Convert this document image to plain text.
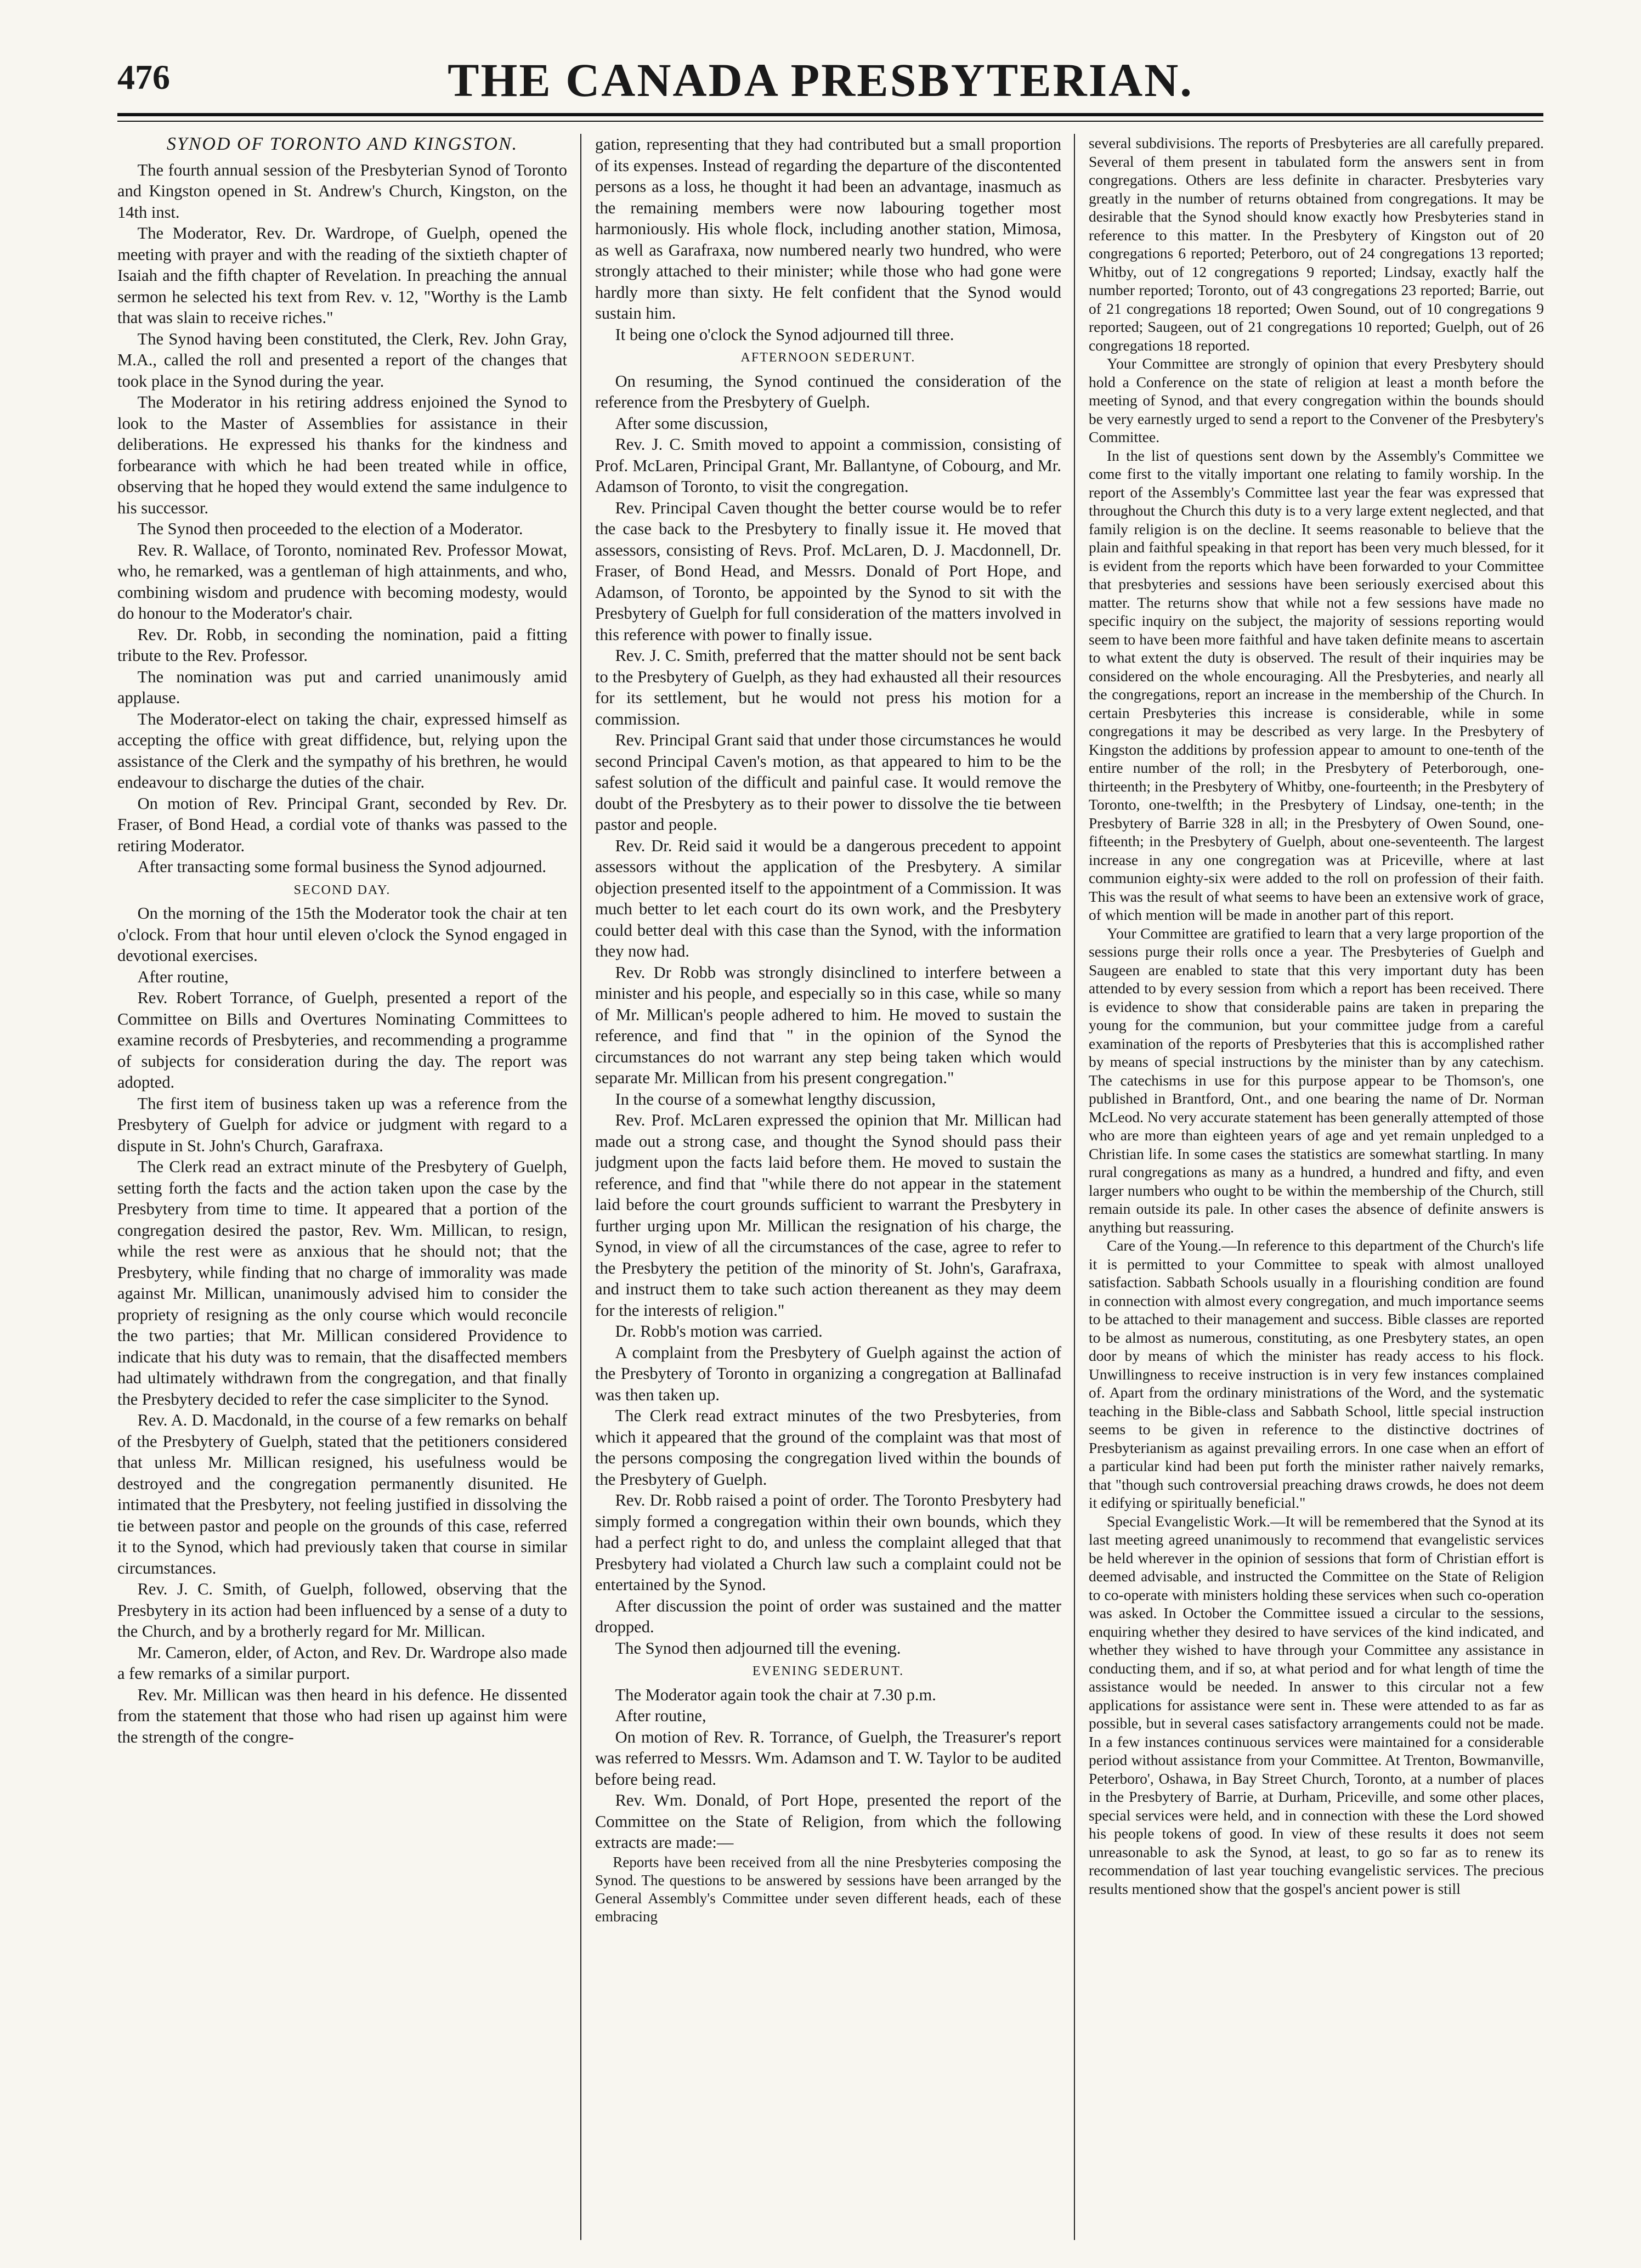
476	THE CANADA PRESBYTERIAN.

SYNOD OF TORONTO AND KINGSTON.

The fourth annual session of the Presbyterian Synod of Toronto and Kingston opened in St. Andrew's Church, Kingston, on the 14th inst.

The Moderator, Rev. Dr. Wardrope, of Guelph, opened the meeting with prayer and with the reading of the sixtieth chapter of Isaiah and the fifth chapter of Revelation. In preaching the annual sermon he selected his text from Rev. v. 12, "Worthy is the Lamb that was slain to receive riches."

The Synod having been constituted, the Clerk, Rev. John Gray, M.A., called the roll and presented a report of the changes that took place in the Synod during the year.

The Moderator in his retiring address enjoined the Synod to look to the Master of Assemblies for assistance in their deliberations. He expressed his thanks for the kindness and forbearance with which he had been treated while in office, observing that he hoped they would extend the same indulgence to his successor.

The Synod then proceeded to the election of a Moderator.

Rev. R. Wallace, of Toronto, nominated Rev. Professor Mowat, who, he remarked, was a gentleman of high attainments, and who, combining wisdom and prudence with becoming modesty, would do honour to the Moderator's chair.

Rev. Dr. Robb, in seconding the nomination, paid a fitting tribute to the Rev. Professor.

The nomination was put and carried unanimously amid applause.

The Moderator-elect on taking the chair, expressed himself as accepting the office with great diffidence, but, relying upon the assistance of the Clerk and the sympathy of his brethren, he would endeavour to discharge the duties of the chair.

On motion of Rev. Principal Grant, seconded by Rev. Dr. Fraser, of Bond Head, a cordial vote of thanks was passed to the retiring Moderator.

After transacting some formal business the Synod adjourned.

SECOND DAY.

On the morning of the 15th the Moderator took the chair at ten o'clock. From that hour until eleven o'clock the Synod engaged in devotional exercises.

After routine,

Rev. Robert Torrance, of Guelph, presented a report of the Committee on Bills and Overtures Nominating Committees to examine records of Presbyteries, and recommending a programme of subjects for consideration during the day. The report was adopted.

The first item of business taken up was a reference from the Presbytery of Guelph for advice or judgment with regard to a dispute in St. John's Church, Garafraxa.

The Clerk read an extract minute of the Presbytery of Guelph, setting forth the facts and the action taken upon the case by the Presbytery from time to time. It appeared that a portion of the congregation desired the pastor, Rev. Wm. Millican, to resign, while the rest were as anxious that he should not; that the Presbytery, while finding that no charge of immorality was made against Mr. Millican, unanimously advised him to consider the propriety of resigning as the only course which would reconcile the two parties; that Mr. Millican considered Providence to indicate that his duty was to remain, that the disaffected members had ultimately withdrawn from the congregation, and that finally the Presbytery decided to refer the case simpliciter to the Synod.

Rev. A. D. Macdonald, in the course of a few remarks on behalf of the Presbytery of Guelph, stated that the petitioners considered that unless Mr. Millican resigned, his usefulness would be destroyed and the congregation permanently disunited. He intimated that the Presbytery, not feeling justified in dissolving the tie between pastor and people on the grounds of this case, referred it to the Synod, which had previously taken that course in similar circumstances.

Rev. J. C. Smith, of Guelph, followed, observing that the Presbytery in its action had been influenced by a sense of a duty to the Church, and by a brotherly regard for Mr. Millican.

Mr. Cameron, elder, of Acton, and Rev. Dr. Wardrope also made a few remarks of a similar purport.

Rev. Mr. Millican was then heard in his defence. He dissented from the statement that those who had risen up against him were the strength of the congre-

gation, representing that they had contributed but a small proportion of its expenses. Instead of regarding the departure of the discontented persons as a loss, he thought it had been an advantage, inasmuch as the remaining members were now labouring together most harmoniously. His whole flock, including another station, Mimosa, as well as Garafraxa, now numbered nearly two hundred, who were strongly attached to their minister; while those who had gone were hardly more than sixty. He felt confident that the Synod would sustain him.

It being one o'clock the Synod adjourned till three.

AFTERNOON SEDERUNT.

On resuming, the Synod continued the consideration of the reference from the Presbytery of Guelph.

After some discussion,

Rev. J. C. Smith moved to appoint a commission, consisting of Prof. McLaren, Principal Grant, Mr. Ballantyne, of Cobourg, and Mr. Adamson of Toronto, to visit the congregation.

Rev. Principal Caven thought the better course would be to refer the case back to the Presbytery to finally issue it. He moved that assessors, consisting of Revs. Prof. McLaren, D. J. Macdonnell, Dr. Fraser, of Bond Head, and Messrs. Donald of Port Hope, and Adamson, of Toronto, be appointed by the Synod to sit with the Presbytery of Guelph for full consideration of the matters involved in this reference with power to finally issue.

Rev. J. C. Smith, preferred that the matter should not be sent back to the Presbytery of Guelph, as they had exhausted all their resources for its settlement, but he would not press his motion for a commission.

Rev. Principal Grant said that under those circumstances he would second Principal Caven's motion, as that appeared to him to be the safest solution of the difficult and painful case. It would remove the doubt of the Presbytery as to their power to dissolve the tie between pastor and people.

Rev. Dr. Reid said it would be a dangerous precedent to appoint assessors without the application of the Presbytery. A similar objection presented itself to the appointment of a Commission. It was much better to let each court do its own work, and the Presbytery could better deal with this case than the Synod, with the information they now had.

Rev. Dr Robb was strongly disinclined to interfere between a minister and his people, and especially so in this case, while so many of Mr. Millican's people adhered to him. He moved to sustain the reference, and find that " in the opinion of the Synod the circumstances do not warrant any step being taken which would separate Mr. Millican from his present congregation."

In the course of a somewhat lengthy discussion,

Rev. Prof. McLaren expressed the opinion that Mr. Millican had made out a strong case, and thought the Synod should pass their judgment upon the facts laid before them. He moved to sustain the reference, and find that "while there do not appear in the statement laid before the court grounds sufficient to warrant the Presbytery in further urging upon Mr. Millican the resignation of his charge, the Synod, in view of all the circumstances of the case, agree to refer to the Presbytery the petition of the minority of St. John's, Garafraxa, and instruct them to take such action thereanent as they may deem for the interests of religion."

Dr. Robb's motion was carried.

A complaint from the Presbytery of Guelph against the action of the Presbytery of Toronto in organizing a congregation at Ballinafad was then taken up.

The Clerk read extract minutes of the two Presbyteries, from which it appeared that the ground of the complaint was that most of the persons composing the congregation lived within the bounds of the Presbytery of Guelph.

Rev. Dr. Robb raised a point of order. The Toronto Presbytery had simply formed a congregation within their own bounds, which they had a perfect right to do, and unless the complaint alleged that that Presbytery had violated a Church law such a complaint could not be entertained by the Synod.

After discussion the point of order was sustained and the matter dropped.

The Synod then adjourned till the evening.

EVENING SEDERUNT.

The Moderator again took the chair at 7.30 p.m.

After routine,

On motion of Rev. R. Torrance, of Guelph, the Treasurer's report was referred to Messrs. Wm. Adamson and T. W. Taylor to be audited before being read.

Rev. Wm. Donald, of Port Hope, presented the report of the Committee on the State of Religion, from which the following extracts are made:—

Reports have been received from all the nine Presbyteries composing the Synod. The questions to be answered by sessions have been arranged by the General Assembly's Committee under seven different heads, each of these embracing

several subdivisions. The reports of Presbyteries are all carefully prepared. Several of them present in tabulated form the answers sent in from congregations. Others are less definite in character. Presbyteries vary greatly in the number of returns obtained from congregations. It may be desirable that the Synod should know exactly how Presbyteries stand in reference to this matter. In the Presbytery of Kingston out of 20 congregations 6 reported; Peterboro, out of 24 congregations 13 reported; Whitby, out of 12 congregations 9 reported; Lindsay, exactly half the number reported; Toronto, out of 43 congregations 23 reported; Barrie, out of 21 congregations 18 reported; Owen Sound, out of 10 congregations 9 reported; Saugeen, out of 21 congregations 10 reported; Guelph, out of 26 congregations 18 reported.

Your Committee are strongly of opinion that every Presbytery should hold a Conference on the state of religion at least a month before the meeting of Synod, and that every congregation within the bounds should be very earnestly urged to send a report to the Convener of the Presbytery's Committee.

In the list of questions sent down by the Assembly's Committee we come first to the vitally important one relating to family worship. In the report of the Assembly's Committee last year the fear was expressed that throughout the Church this duty is to a very large extent neglected, and that family religion is on the decline. It seems reasonable to believe that the plain and faithful speaking in that report has been very much blessed, for it is evident from the reports which have been forwarded to your Committee that presbyteries and sessions have been seriously exercised about this matter. The returns show that while not a few sessions have made no specific inquiry on the subject, the majority of sessions reporting would seem to have been more faithful and have taken definite means to ascertain to what extent the duty is observed. The result of their inquiries may be considered on the whole encouraging. All the Presbyteries, and nearly all the congregations, report an increase in the membership of the Church. In certain Presbyteries this increase is considerable, while in some congregations it may be described as very large. In the Presbytery of Kingston the additions by profession appear to amount to one-tenth of the entire number of the roll; in the Presbytery of Peterborough, one-thirteenth; in the Presbytery of Whitby, one-fourteenth; in the Presbytery of Toronto, one-twelfth; in the Presbytery of Lindsay, one-tenth; in the Presbytery of Barrie 328 in all; in the Presbytery of Owen Sound, one-fifteenth; in the Presbytery of Guelph, about one-seventeenth. The largest increase in any one congregation was at Priceville, where at last communion eighty-six were added to the roll on profession of their faith. This was the result of what seems to have been an extensive work of grace, of which mention will be made in another part of this report.

Your Committee are gratified to learn that a very large proportion of the sessions purge their rolls once a year. The Presbyteries of Guelph and Saugeen are enabled to state that this very important duty has been attended to by every session from which a report has been received. There is evidence to show that considerable pains are taken in preparing the young for the communion, but your committee judge from a careful examination of the reports of Presbyteries that this is accomplished rather by means of special instructions by the minister than by any catechism. The catechisms in use for this purpose appear to be Thomson's, one published in Brantford, Ont., and one bearing the name of Dr. Norman McLeod. No very accurate statement has been generally attempted of those who are more than eighteen years of age and yet remain unpledged to a Christian life. In some cases the statistics are somewhat startling. In many rural congregations as many as a hundred, a hundred and fifty, and even larger numbers who ought to be within the membership of the Church, still remain outside its pale. In other cases the absence of definite answers is anything but reassuring.

Care of the Young.—In reference to this department of the Church's life it is permitted to your Committee to speak with almost unalloyed satisfaction. Sabbath Schools usually in a flourishing condition are found in connection with almost every congregation, and much importance seems to be attached to their management and success. Bible classes are reported to be almost as numerous, constituting, as one Presbytery states, an open door by means of which the minister has ready access to his flock. Unwillingness to receive instruction is in very few instances complained of. Apart from the ordinary ministrations of the Word, and the systematic teaching in the Bible-class and Sabbath School, little special instruction seems to be given in reference to the distinctive doctrines of Presbyterianism as against prevailing errors. In one case when an effort of a particular kind had been put forth the minister rather naively remarks, that "though such controversial preaching draws crowds, he does not deem it edifying or spiritually beneficial."

Special Evangelistic Work.—It will be remembered that the Synod at its last meeting agreed unanimously to recommend that evangelistic services be held wherever in the opinion of sessions that form of Christian effort is deemed advisable, and instructed the Committee on the State of Religion to co-operate with ministers holding these services when such co-operation was asked. In October the Committee issued a circular to the sessions, enquiring whether they desired to have services of the kind indicated, and whether they wished to have through your Committee any assistance in conducting them, and if so, at what period and for what length of time the assistance would be needed. In answer to this circular not a few applications for assistance were sent in. These were attended to as far as possible, but in several cases satisfactory arrangements could not be made. In a few instances continuous services were maintained for a considerable period without assistance from your Committee. At Trenton, Bowmanville, Peterboro', Oshawa, in Bay Street Church, Toronto, at a number of places in the Presbytery of Barrie, at Durham, Priceville, and some other places, special services were held, and in connection with these the Lord showed his people tokens of good. In view of these results it does not seem unreasonable to ask the Synod, at least, to go so far as to renew its recommendation of last year touching evangelistic services. The precious results mentioned show that the gospel's ancient power is still
